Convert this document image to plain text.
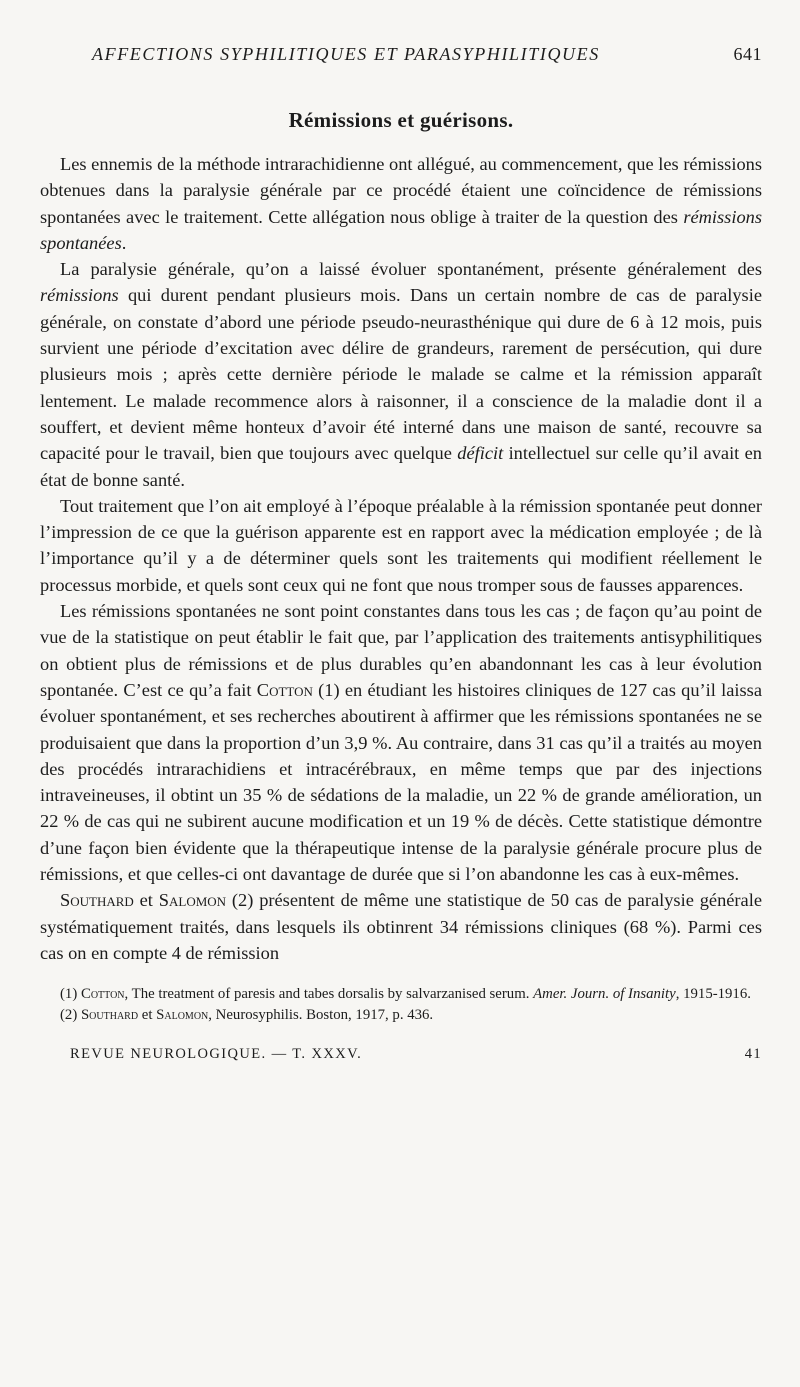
AFFECTIONS SYPHILITIQUES ET PARASYPHILITIQUES	641
Rémissions et guérisons.

Les ennemis de la méthode intrarachidienne ont allégué, au commencement, que les rémissions obtenues dans la paralysie générale par ce procédé étaient une coïncidence de rémissions spontanées avec le traitement. Cette allégation nous oblige à traiter de la question des rémissions spontanées.

La paralysie générale, qu’on a laissé évoluer spontanément, présente généralement des rémissions qui durent pendant plusieurs mois. Dans un certain nombre de cas de paralysie générale, on constate d’abord une période pseudo-neurasthénique qui dure de 6 à 12 mois, puis survient une période d’excitation avec délire de grandeurs, rarement de persécution, qui dure plusieurs mois ; après cette dernière période le malade se calme et la rémission apparaît lentement. Le malade recommence alors à raisonner, il a conscience de la maladie dont il a souffert, et devient même honteux d’avoir été interné dans une maison de santé, recouvre sa capacité pour le travail, bien que toujours avec quelque déficit intellectuel sur celle qu’il avait en état de bonne santé.

Tout traitement que l’on ait employé à l’époque préalable à la rémission spontanée peut donner l’impression de ce que la guérison apparente est en rapport avec la médication employée ; de là l’importance qu’il y a de déterminer quels sont les traitements qui modifient réellement le processus morbide, et quels sont ceux qui ne font que nous tromper sous de fausses apparences.

Les rémissions spontanées ne sont point constantes dans tous les cas ; de façon qu’au point de vue de la statistique on peut établir le fait que, par l’application des traitements antisyphilitiques on obtient plus de rémissions et de plus durables qu’en abandonnant les cas à leur évolution spontanée. C’est ce qu’a fait Cotton (1) en étudiant les histoires cliniques de 127 cas qu’il laissa évoluer spontanément, et ses recherches aboutirent à affirmer que les rémissions spontanées ne se produisaient que dans la proportion d’un 3,9 %. Au contraire, dans 31 cas qu’il a traités au moyen des procédés intrarachidiens et intracérébraux, en même temps que par des injections intraveineuses, il obtint un 35 % de sédations de la maladie, un 22 % de grande amélioration, un 22 % de cas qui ne subirent aucune modification et un 19 % de décès. Cette statistique démontre d’une façon bien évidente que la thérapeutique intense de la paralysie générale procure plus de rémissions, et que celles-ci ont davantage de durée que si l’on abandonne les cas à eux-mêmes.

Southard et Salomon (2) présentent de même une statistique de 50 cas de paralysie générale systématiquement traités, dans lesquels ils obtinrent 34 rémissions cliniques (68 %). Parmi ces cas on en compte 4 de rémission

(1) Cotton, The treatment of paresis and tabes dorsalis by salvarzanised serum. Amer. Journ. of Insanity, 1915-1916.
(2) Southard et Salomon, Neurosyphilis. Boston, 1917, p. 436.
REVUE NEUROLOGIQUE. — T. XXXV.	41
